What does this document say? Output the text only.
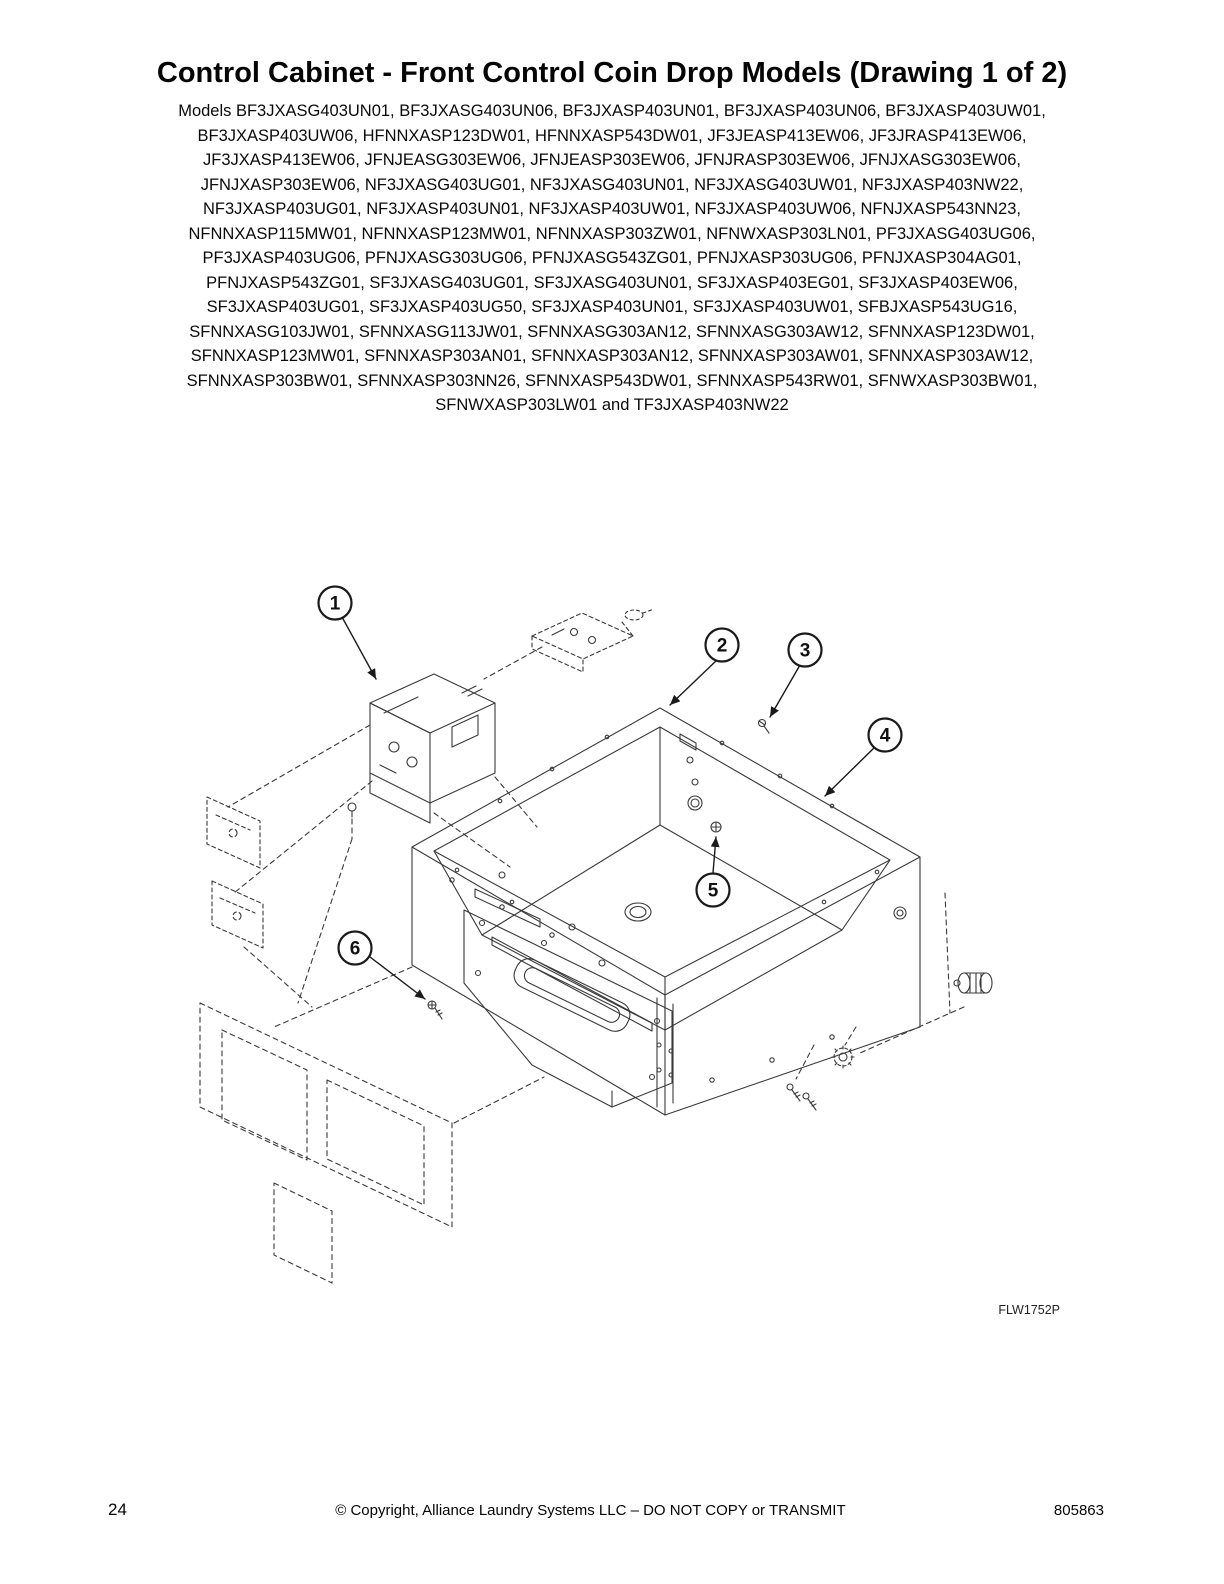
Control Cabinet - Front Control Coin Drop Models (Drawing 1 of 2)
Models BF3JXASG403UN01, BF3JXASG403UN06, BF3JXASP403UN01, BF3JXASP403UN06, BF3JXASP403UW01,
BF3JXASP403UW06, HFNNXASP123DW01, HFNNXASP543DW01, JF3JEASP413EW06, JF3JRASP413EW06,
JF3JXASP413EW06, JFNJEASG303EW06, JFNJEASP303EW06, JFNJRASP303EW06, JFNJXASG303EW06,
JFNJXASP303EW06, NF3JXASG403UG01, NF3JXASG403UN01, NF3JXASG403UW01, NF3JXASP403NW22,
NF3JXASP403UG01, NF3JXASP403UN01, NF3JXASP403UW01, NF3JXASP403UW06, NFNJXASP543NN23,
NFNNXASP115MW01, NFNNXASP123MW01, NFNNXASP303ZW01, NFNWXASP303LN01, PF3JXASG403UG06,
PF3JXASP403UG06, PFNJXASG303UG06, PFNJXASG543ZG01, PFNJXASP303UG06, PFNJXASP304AG01,
PFNJXASP543ZG01, SF3JXASG403UG01, SF3JXASG403UN01, SF3JXASP403EG01, SF3JXASP403EW06,
SF3JXASP403UG01, SF3JXASP403UG50, SF3JXASP403UN01, SF3JXASP403UW01, SFBJXASP543UG16,
SFNNXASG103JW01, SFNNXASG113JW01, SFNNXASG303AN12, SFNNXASG303AW12, SFNNXASP123DW01,
SFNNXASP123MW01, SFNNXASP303AN01, SFNNXASP303AN12, SFNNXASP303AW01, SFNNXASP303AW12,
SFNNXASP303BW01, SFNNXASP303NN26, SFNNXASP543DW01, SFNNXASP543RW01, SFNWXASP303BW01,
SFNWXASP303LW01 and TF3JXASP403NW22
1
2	3
4
5
6
FLW1752P
24	© Copyright, Alliance Laundry Systems LLC – DO NOT COPY or TRANSMIT	805863
